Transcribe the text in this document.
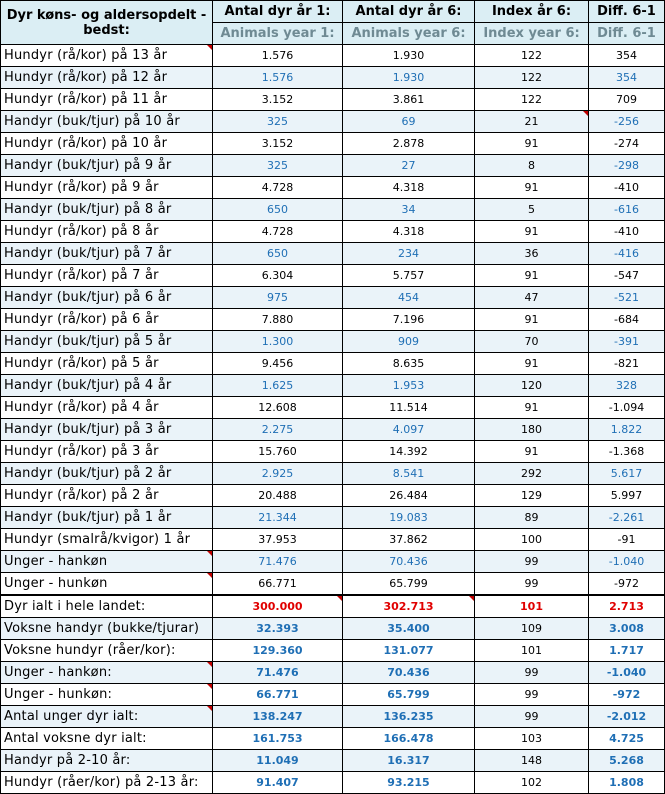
Dyr køns- og aldersopdelt - bedst:	Antal dyr år 1:	Antal dyr år 6:	Index år 6:	Diff. 6-1
	Animals year 1:	Animals year 6:	Index year 6:	Diff. 6-1
Hundyr (rå/kor) på 13 år	1.576	1.930	122	354
Hundyr (rå/kor) på 12 år	1.576	1.930	122	354
Hundyr (rå/kor) på 11 år	3.152	3.861	122	709
Handyr (buk/tjur) på 10 år	325	69	21	-256
Hundyr (rå/kor) på 10 år	3.152	2.878	91	-274
Handyr (buk/tjur) på 9 år	325	27	8	-298
Hundyr (rå/kor) på 9 år	4.728	4.318	91	-410
Handyr (buk/tjur) på 8 år	650	34	5	-616
Hundyr (rå/kor) på 8 år	4.728	4.318	91	-410
Handyr (buk/tjur) på 7 år	650	234	36	-416
Hundyr (rå/kor) på 7 år	6.304	5.757	91	-547
Handyr (buk/tjur) på 6 år	975	454	47	-521
Hundyr (rå/kor) på 6 år	7.880	7.196	91	-684
Handyr (buk/tjur) på 5 år	1.300	909	70	-391
Hundyr (rå/kor) på 5 år	9.456	8.635	91	-821
Handyr (buk/tjur) på 4 år	1.625	1.953	120	328
Hundyr (rå/kor) på 4 år	12.608	11.514	91	-1.094
Handyr (buk/tjur) på 3 år	2.275	4.097	180	1.822
Hundyr (rå/kor) på 3 år	15.760	14.392	91	-1.368
Handyr (buk/tjur) på 2 år	2.925	8.541	292	5.617
Hundyr (rå/kor) på 2 år	20.488	26.484	129	5.997
Handyr (buk/tjur) på 1 år	21.344	19.083	89	-2.261
Hundyr (smalrå/kvigor) 1 år	37.953	37.862	100	-91
Unger - hankøn	71.476	70.436	99	-1.040
Unger - hunkøn	66.771	65.799	99	-972
Dyr ialt i hele landet:	300.000	302.713	101	2.713
Voksne handyr (bukke/tjurar)	32.393	35.400	109	3.008
Voksne hundyr (råer/kor):	129.360	131.077	101	1.717
Unger - hankøn:	71.476	70.436	99	-1.040
Unger - hunkøn:	66.771	65.799	99	-972
Antal unger dyr ialt:	138.247	136.235	99	-2.012
Antal voksne dyr ialt:	161.753	166.478	103	4.725
Handyr på 2-10 år:	11.049	16.317	148	5.268
Hundyr (råer/kor) på 2-13 år:	91.407	93.215	102	1.808
